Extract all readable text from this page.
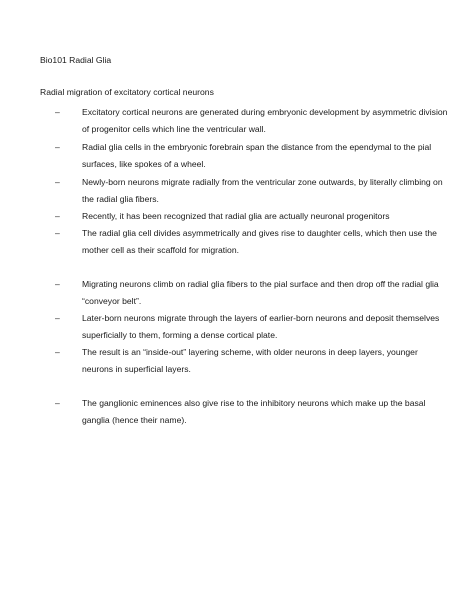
Bio101 Radial Glia
Radial migration of excitatory cortical neurons
–	Excitatory cortical neurons are generated during embryonic development by asymmetric division of progenitor cells which line the ventricular wall.
–	Radial glia cells in the embryonic forebrain span the distance from the ependymal to the pial surfaces, like spokes of a wheel.
–	Newly-born neurons migrate radially from the ventricular zone outwards, by literally climbing on the radial glia fibers.
–	Recently, it has been recognized that radial glia are actually neuronal progenitors
–	The radial glia cell divides asymmetrically and gives rise to daughter cells, which then use the mother cell as their scaffold for migration.
–	Migrating neurons climb on radial glia fibers to the pial surface and then drop off the radial glia “conveyor belt”.
–	Later-born neurons migrate through the layers of earlier-born neurons and deposit themselves superficially to them, forming a dense cortical plate.
–	The result is an “inside-out” layering scheme, with older neurons in deep layers, younger neurons in superficial layers.
–	The ganglionic eminences also give rise to the inhibitory neurons which make up the basal ganglia (hence their name).
